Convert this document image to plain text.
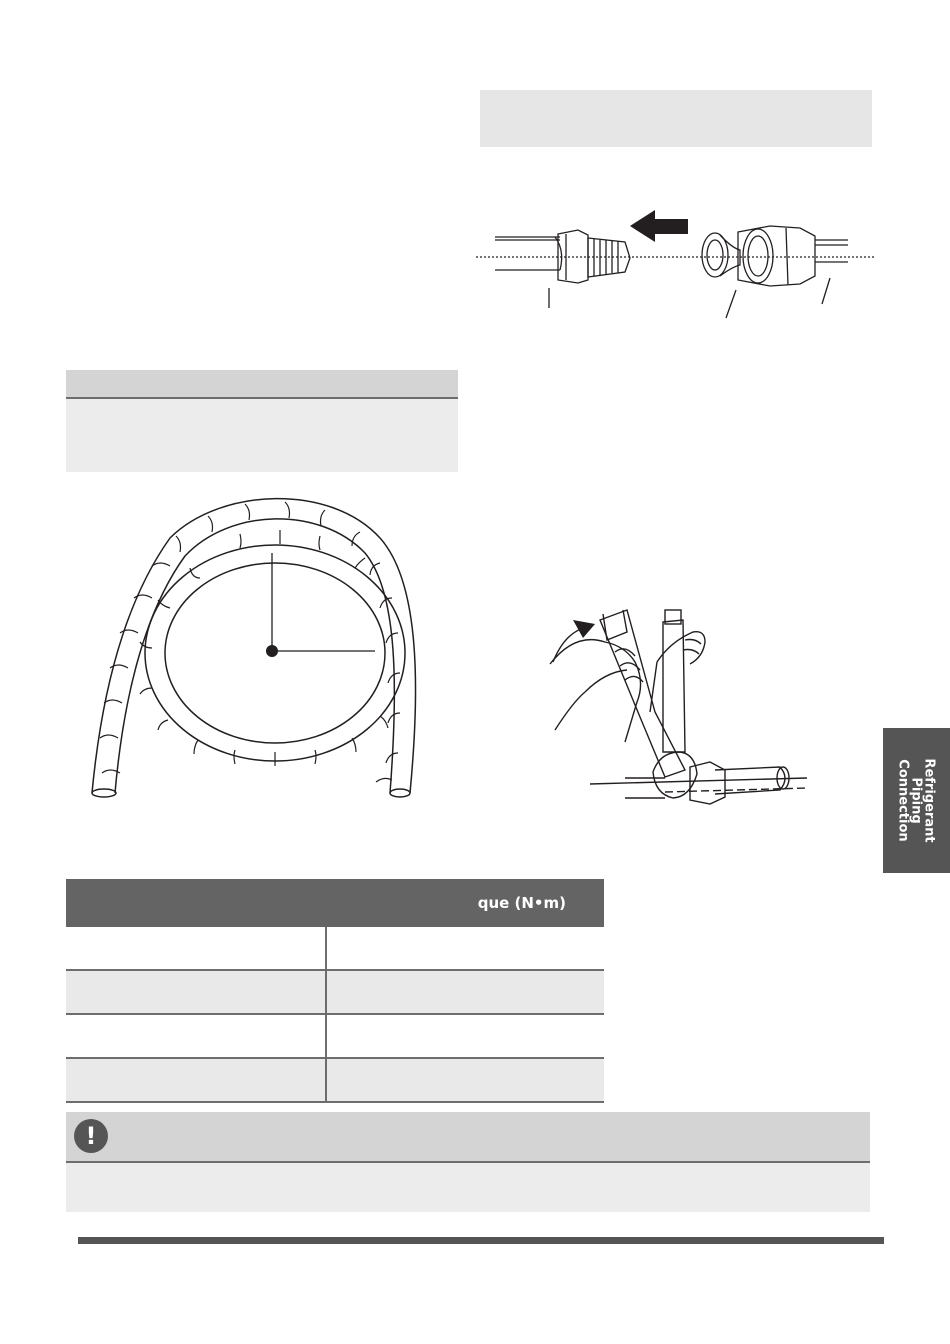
Refrigerant
Piping
Connection
	que (N•m)

!
